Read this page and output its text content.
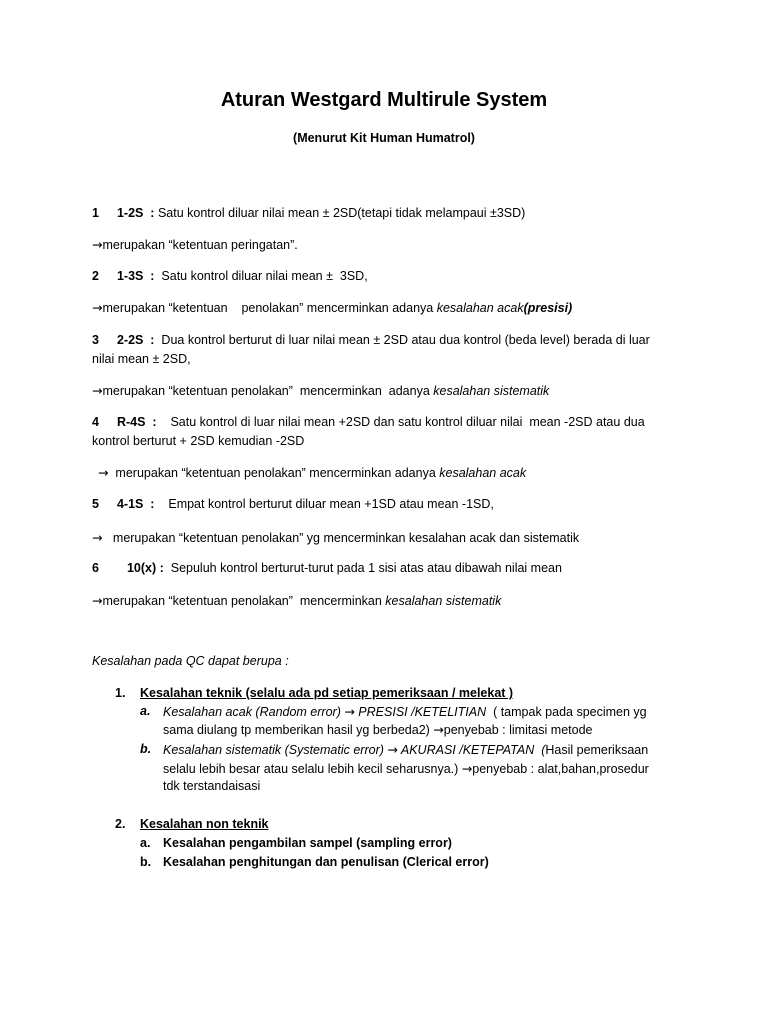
Aturan Westgard Multirule System
(Menurut Kit Human Humatrol)
1 1-2S  : Satu kontrol diluar nilai mean ± 2SD(tetapi tidak melampaui ±3SD)
→merupakan “ketentuan peringatan”.
2 1-3S  :  Satu kontrol diluar nilai mean ±  3SD,
→merupakan “ketentuan    penolakan” mencerminkan adanya kesalahan acak(presisi)
3 2-2S  :  Dua kontrol berturut di luar nilai mean ± 2SD atau dua kontrol (beda level) berada di luar
nilai mean ± 2SD,
→merupakan “ketentuan penolakan”  mencerminkan  adanya kesalahan sistematik
4 R-4S  :    Satu kontrol di luar nilai mean +2SD dan satu kontrol diluar nilai  mean -2SD atau dua
kontrol berturut + 2SD kemudian -2SD
→  merupakan “ketentuan penolakan” mencerminkan adanya kesalahan acak
5 4-1S  :    Empat kontrol berturut diluar mean +1SD atau mean -1SD,
→   merupakan “ketentuan penolakan” yg mencerminkan kesalahan acak dan sistematik
6 10(x) :  Sepuluh kontrol berturut-turut pada 1 sisi atas atau dibawah nilai mean
→merupakan “ketentuan penolakan”  mencerminkan kesalahan sistematik
Kesalahan pada QC dapat berupa :
1. Kesalahan teknik (selalu ada pd setiap pemeriksaan / melekat )
a. Kesalahan acak (Random error) → PRESISI /KETELITIAN  ( tampak pada specimen yg
sama diulang tp memberikan hasil yg berbeda2) →penyebab : limitasi metode
b. Kesalahan sistematik (Systematic error) → AKURASI /KETEPATAN  (Hasil pemeriksaan
selalu lebih besar atau selalu lebih kecil seharusnya.) →penyebab : alat,bahan,prosedur
tdk terstandaisasi
2. Kesalahan non teknik
a. Kesalahan pengambilan sampel (sampling error)
b. Kesalahan penghitungan dan penulisan (Clerical error)
